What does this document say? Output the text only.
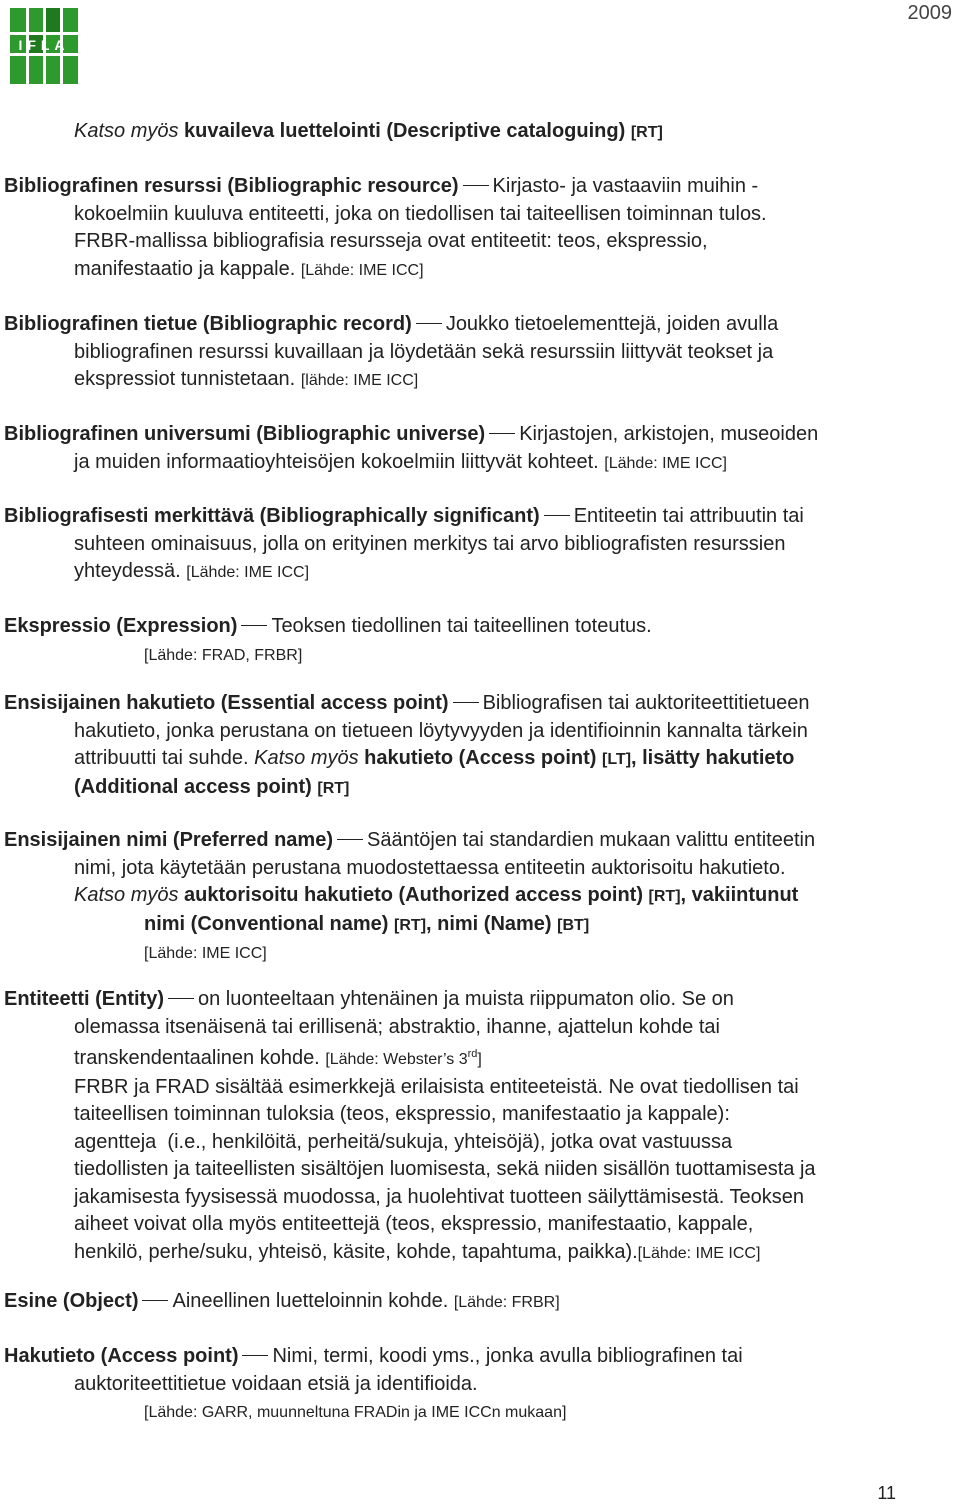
IFLA
2009
Katso myös kuvaileva luettelointi (Descriptive cataloguing) [RT]
Bibliografinen resurssi (Bibliographic resource) Kirjasto- ja vastaaviin muihin -
kokoelmiin kuuluva entiteetti, joka on tiedollisen tai taiteellisen toiminnan tulos.
FRBR-mallissa bibliografisia resursseja ovat entiteetit: teos, ekspressio,
manifestaatio ja kappale. [Lähde: IME ICC]
Bibliografinen tietue (Bibliographic record) Joukko tietoelementtejä, joiden avulla
bibliografinen resurssi kuvaillaan ja löydetään sekä resurssiin liittyvät teokset ja
ekspressiot tunnistetaan. [lähde: IME ICC]
Bibliografinen universumi (Bibliographic universe) Kirjastojen, arkistojen, museoiden
ja muiden informaatioyhteisöjen kokoelmiin liittyvät kohteet. [Lähde: IME ICC]
Bibliografisesti merkittävä (Bibliographically significant) Entiteetin tai attribuutin tai
suhteen ominaisuus, jolla on erityinen merkitys tai arvo bibliografisten resurssien
yhteydessä. [Lähde: IME ICC]
Ekspressio (Expression) Teoksen tiedollinen tai taiteellinen toteutus.
[Lähde: FRAD, FRBR]
Ensisijainen hakutieto (Essential access point) Bibliografisen tai auktoriteettitietueen
hakutieto, jonka perustana on tietueen löytyvyyden ja identifioinnin kannalta tärkein
attribuutti tai suhde. Katso myös hakutieto (Access point) [LT], lisätty hakutieto
(Additional access point) [RT]
Ensisijainen nimi (Preferred name) Sääntöjen tai standardien mukaan valittu entiteetin
nimi, jota käytetään perustana muodostettaessa entiteetin auktorisoitu hakutieto.
Katso myös auktorisoitu hakutieto (Authorized access point) [RT], vakiintunut
nimi (Conventional name) [RT], nimi (Name) [BT]
[Lähde: IME ICC]
Entiteetti (Entity) on luonteeltaan yhtenäinen ja muista riippumaton olio. Se on
olemassa itsenäisenä tai erillisenä; abstraktio, ihanne, ajattelun kohde tai
transkendentaalinen kohde. [Lähde: Webster’s 3rd]
FRBR ja FRAD sisältää esimerkkejä erilaisista entiteeteistä. Ne ovat tiedollisen tai
taiteellisen toiminnan tuloksia (teos, ekspressio, manifestaatio ja kappale):
agentteja  (i.e., henkilöitä, perheitä/sukuja, yhteisöjä), jotka ovat vastuussa
tiedollisten ja taiteellisten sisältöjen luomisesta, sekä niiden sisällön tuottamisesta ja
jakamisesta fyysisessä muodossa, ja huolehtivat tuotteen säilyttämisestä. Teoksen
aiheet voivat olla myös entiteettejä (teos, ekspressio, manifestaatio, kappale,
henkilö, perhe/suku, yhteisö, käsite, kohde, tapahtuma, paikka).[Lähde: IME ICC]
Esine (Object) Aineellinen luetteloinnin kohde. [Lähde: FRBR]
Hakutieto (Access point) Nimi, termi, koodi yms., jonka avulla bibliografinen tai
auktoriteettitietue voidaan etsiä ja identifioida.
[Lähde: GARR, muunneltuna FRADin ja IME ICCn mukaan]
11
